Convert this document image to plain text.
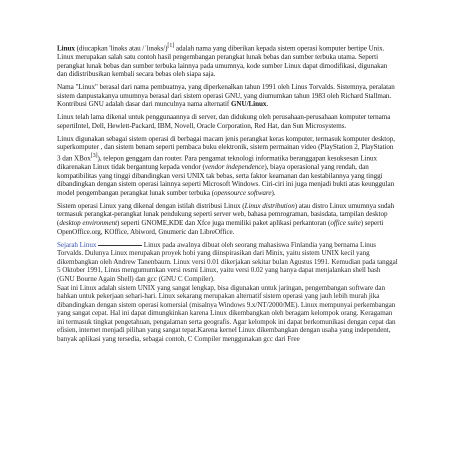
Linux (diucapkan 'linəks atau /ˈlɪnəks/)[1] adalah nama yang diberikan kepada sistem operasi komputer bertipe Unix. Linux merupakan salah satu contoh hasil pengembangan perangkat lunak bebas dan sumber terbuka utama. Seperti perangkat lunak bebas dan sumber terbuka lainnya pada umumnya, kode sumber Linux dapat dimodifikasi, digunakan dan didistribusikan kembali secara bebas oleh siapa saja.

Nama "Linux" berasal dari nama pembuatnya, yang diperkenalkan tahun 1991 oleh Linus Torvalds. Sistemnya, peralatan sistem danpustakanya umumnya berasal dari sistem operasi GNU, yang diumumkan tahun 1983 oleh Richard Stallman. Kontribusi GNU adalah dasar dari munculnya nama alternatif GNU/Linux.

Linux telah lama dikenal untuk penggunaannya di server, dan didukung oleh perusahaan-perusahaan komputer ternama sepertiIntel, Dell, Hewlett-Packard, IBM, Novell, Oracle Corporation, Red Hat, dan Sun Microsystems.

Linux digunakan sebagai sistem operasi di berbagai macam jenis perangkat keras komputer, termasuk komputer desktop, superkomputer , dan sistem benam seperti pembaca buku elektronik, sistem permainan video (PlayStation 2, PlayStation 3 dan XBox[3]), telepon genggam dan router. Para pengamat teknologi informatika beranggapan kesuksesan Linux dikarenakan Linux tidak bergantung kepada vendor (vendor independence), biaya operasional yang rendah, dan kompatibilitas yang tinggi dibandingkan versi UNIX tak bebas, serta faktor keamanan dan kestabilannya yang tinggi dibandingkan dengan sistem operasi lainnya seperti Microsoft Windows. Ciri-ciri ini juga menjadi bukti atas keunggulan model pengembangan perangkat lunak sumber terbuka (opensource software).

Sistem operasi Linux yang dikenal dengan istilah distribusi Linux (Linux distribution) atau distro Linux umumnya sudah termasuk perangkat-perangkat lunak pendukung seperti server web, bahasa pemrograman, basisdata, tampilan desktop (desktop environment) seperti GNOME,KDE dan Xfce juga memiliki paket aplikasi perkantoran (office suite) seperti OpenOffice.org, KOffice, Abiword, Gnumeric dan LibreOffice.

Sejarah Linux	Linux pada awalnya dibuat oleh seorang mahasiswa Finlandia yang bernama Linus Torvalds. Dulunya Linux merupakan proyek hobi yang diinspirasikan dari Minix, yaitu sistem UNIX kecil yang dikembangkan oleh Andrew Tanenbaum. Linux versi 0.01 dikerjakan sekitar bulan Agustus 1991. Kemudian pada tanggal 5 Oktober 1991, Linus mengumumkan versi resmi Linux, yaitu versi 0.02 yang hanya dapat menjalankan shell bash (GNU Bourne Again Shell) dan gcc (GNU C Compiler).
Saat ini Linux adalah sistem UNIX yang sangat lengkap, bisa digunakan untuk jaringan, pengembangan software dan bahkan untuk pekerjaan sehari-hari. Linux sekarang merupakan alternatif sistem operasi yang jauh lebih murah jika dibandingkan dengan sistem operasi komersial (misalnya Windows 9.x/NT/2000/ME). Linux mempunyai perkembangan yang sangat cepat. Hal ini dapat dimungkinkan karena Linux dikembangkan oleh beragam kelompok orang. Keragaman ini termasuk tingkat pengetahuan, pengalaman serta geografis. Agar kelompok ini dapat berkomunikasi dengan cepat dan efisien, internet menjadi pilihan yang sangat tepat.Karena kernel Linux dikembangkan dengan usaha yang independent, banyak aplikasi yang tersedia, sebagai contoh, C Compiler menggunakan gcc dari Free
